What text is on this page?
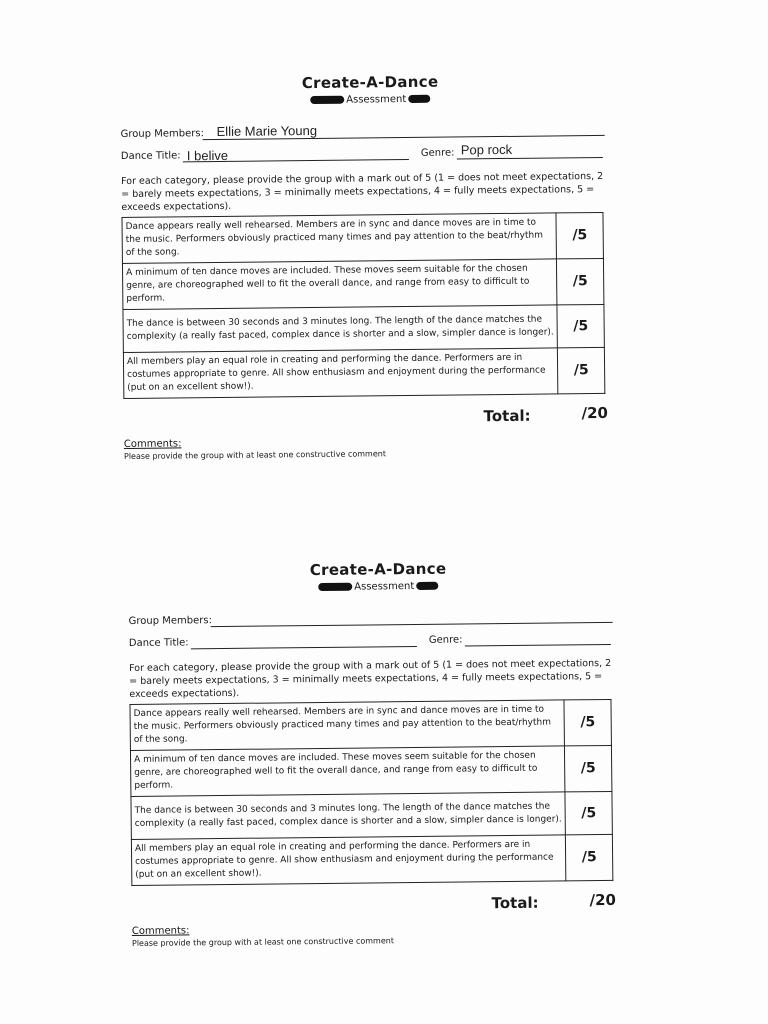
Create-A-Dance
Assessment
Group Members: Ellie Marie Young
Dance Title: I belive	Genre: Pop rock
For each category, please provide the group with a mark out of 5 (1 = does not meet expectations, 2 = barely meets expectations, 3 = minimally meets expectations, 4 = fully meets expectations, 5 = exceeds expectations).
Dance appears really well rehearsed. Members are in sync and dance moves are in time to the music. Performers obviously practiced many times and pay attention to the beat/rhythm of the song.	/5
A minimum of ten dance moves are included. These moves seem suitable for the chosen genre, are choreographed well to fit the overall dance, and range from easy to difficult to perform.	/5
The dance is between 30 seconds and 3 minutes long. The length of the dance matches the complexity (a really fast paced, complex dance is shorter and a slow, simpler dance is longer).	/5
All members play an equal role in creating and performing the dance. Performers are in costumes appropriate to genre. All show enthusiasm and enjoyment during the performance (put on an excellent show!).	/5
Total:	/20
Comments:
Please provide the group with at least one constructive comment
Create-A-Dance
Assessment
Group Members:
Dance Title:	Genre:
For each category, please provide the group with a mark out of 5 (1 = does not meet expectations, 2 = barely meets expectations, 3 = minimally meets expectations, 4 = fully meets expectations, 5 = exceeds expectations).
Dance appears really well rehearsed. Members are in sync and dance moves are in time to the music. Performers obviously practiced many times and pay attention to the beat/rhythm of the song.	/5
A minimum of ten dance moves are included. These moves seem suitable for the chosen genre, are choreographed well to fit the overall dance, and range from easy to difficult to perform.	/5
The dance is between 30 seconds and 3 minutes long. The length of the dance matches the complexity (a really fast paced, complex dance is shorter and a slow, simpler dance is longer).	/5
All members play an equal role in creating and performing the dance. Performers are in costumes appropriate to genre. All show enthusiasm and enjoyment during the performance (put on an excellent show!).	/5
Total:	/20
Comments:
Please provide the group with at least one constructive comment
